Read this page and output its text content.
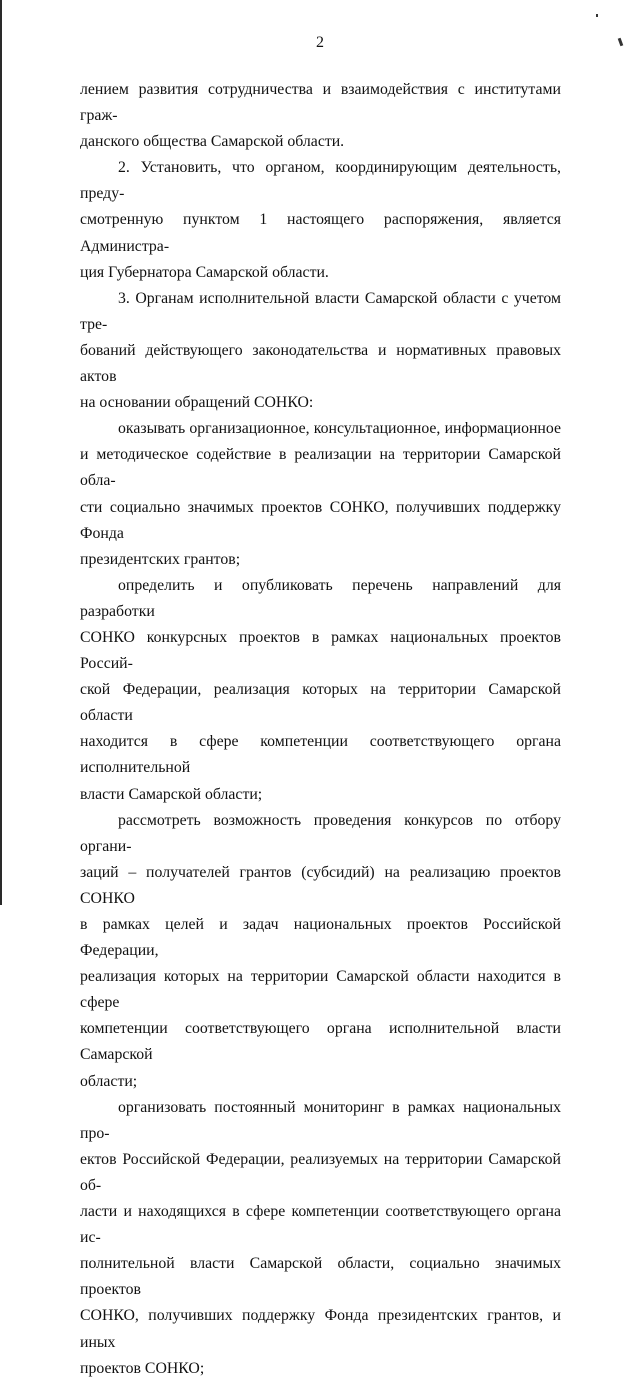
2

лением развития сотрудничества и взаимодействия с институтами граж-

данского общества Самарской области.

2. Установить, что органом, координирующим деятельность, преду-

смотренную пунктом 1 настоящего распоряжения, является Администра-

ция Губернатора Самарской области.

3. Органам исполнительной власти Самарской области с учетом тре-

бований действующего законодательства и нормативных правовых актов

на основании обращений СОНКО:

оказывать организационное, консультационное, информационное

и методическое содействие в реализации на территории Самарской обла-

сти социально значимых проектов СОНКО, получивших поддержку Фонда

президентских грантов;

определить и опубликовать перечень направлений для разработки

СОНКО конкурсных проектов в рамках национальных проектов Россий-

ской Федерации, реализация которых на территории Самарской области

находится в сфере компетенции соответствующего органа исполнительной

власти Самарской области;

рассмотреть возможность проведения конкурсов по отбору органи-

заций – получателей грантов (субсидий) на реализацию проектов СОНКО

в рамках целей и задач национальных проектов Российской Федерации,

реализация которых на территории Самарской области находится в сфере

компетенции соответствующего органа исполнительной власти Самарской

области;

организовать постоянный мониторинг в рамках национальных про-

ектов Российской Федерации, реализуемых на территории Самарской об-

ласти и находящихся в сфере компетенции соответствующего органа ис-

полнительной власти Самарской области, социально значимых проектов

СОНКО, получивших поддержку Фонда президентских грантов, и иных

проектов СОНКО;
